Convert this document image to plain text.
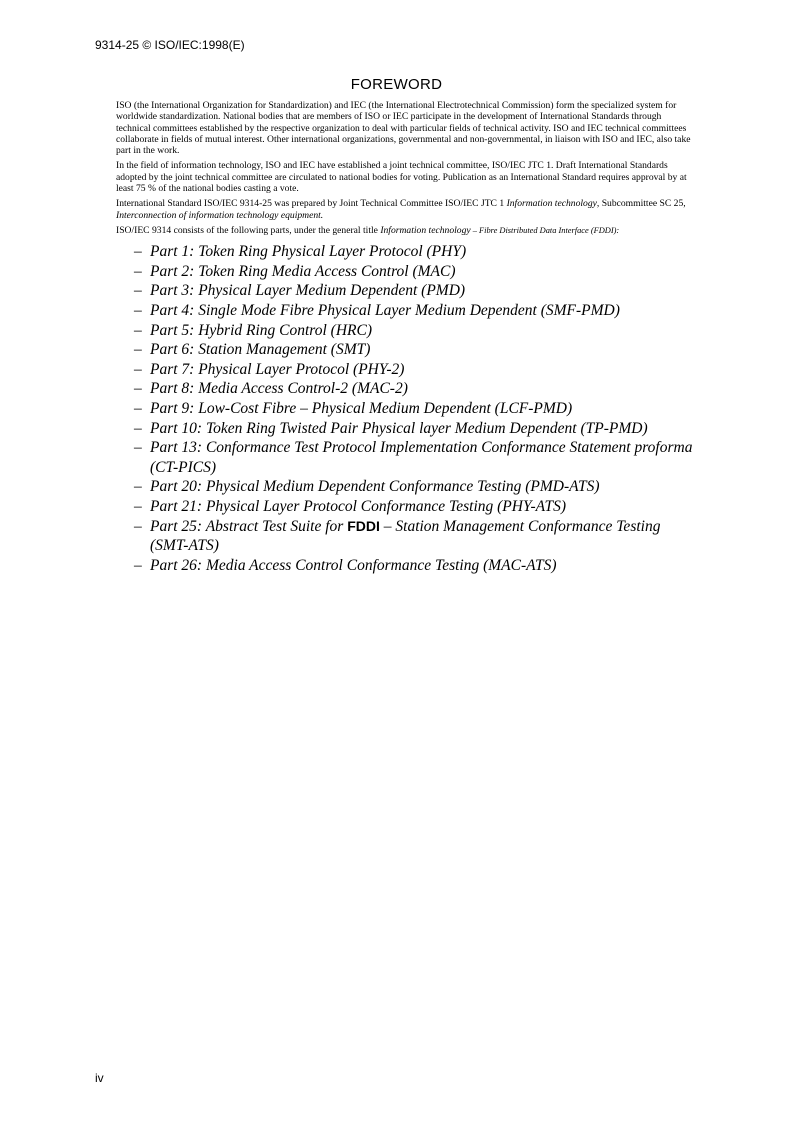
9314-25 © ISO/IEC:1998(E)
FOREWORD

ISO (the International Organization for Standardization) and IEC (the International Electrotechnical Commission) form the specialized system for worldwide standardization. National bodies that are members of ISO or IEC participate in the development of International Standards through technical committees established by the respective organization to deal with particular fields of technical activity. ISO and IEC technical committees collaborate in fields of mutual interest. Other international organizations, governmental and non-governmental, in liaison with ISO and IEC, also take part in the work.

In the field of information technology, ISO and IEC have established a joint technical committee, ISO/IEC JTC 1. Draft International Standards adopted by the joint technical committee are circulated to national bodies for voting. Publication as an International Standard requires approval by at least 75 % of the national bodies casting a vote.

International Standard ISO/IEC 9314-25 was prepared by Joint Technical Committee ISO/IEC JTC 1 Information technology, Subcommittee SC 25, Interconnection of information technology equipment.

ISO/IEC 9314 consists of the following parts, under the general title Information technology – Fibre Distributed Data Interface (FDDI):

– Part 1: Token Ring Physical Layer Protocol (PHY)
– Part 2: Token Ring Media Access Control (MAC)
– Part 3: Physical Layer Medium Dependent (PMD)
– Part 4: Single Mode Fibre Physical Layer Medium Dependent (SMF-PMD)
– Part 5: Hybrid Ring Control (HRC)
– Part 6: Station Management (SMT)
– Part 7: Physical Layer Protocol (PHY-2)
– Part 8: Media Access Control-2 (MAC-2)
– Part 9: Low-Cost Fibre – Physical Medium Dependent (LCF-PMD)
– Part 10: Token Ring Twisted Pair Physical layer Medium Dependent (TP-PMD)
– Part 13: Conformance Test Protocol Implementation Conformance Statement proforma (CT-PICS)
– Part 20: Physical Medium Dependent Conformance Testing (PMD-ATS)
– Part 21: Physical Layer Protocol Conformance Testing (PHY-ATS)
– Part 25: Abstract Test Suite for FDDI – Station Management Conformance Testing (SMT-ATS)
– Part 26: Media Access Control Conformance Testing (MAC-ATS)
iv
